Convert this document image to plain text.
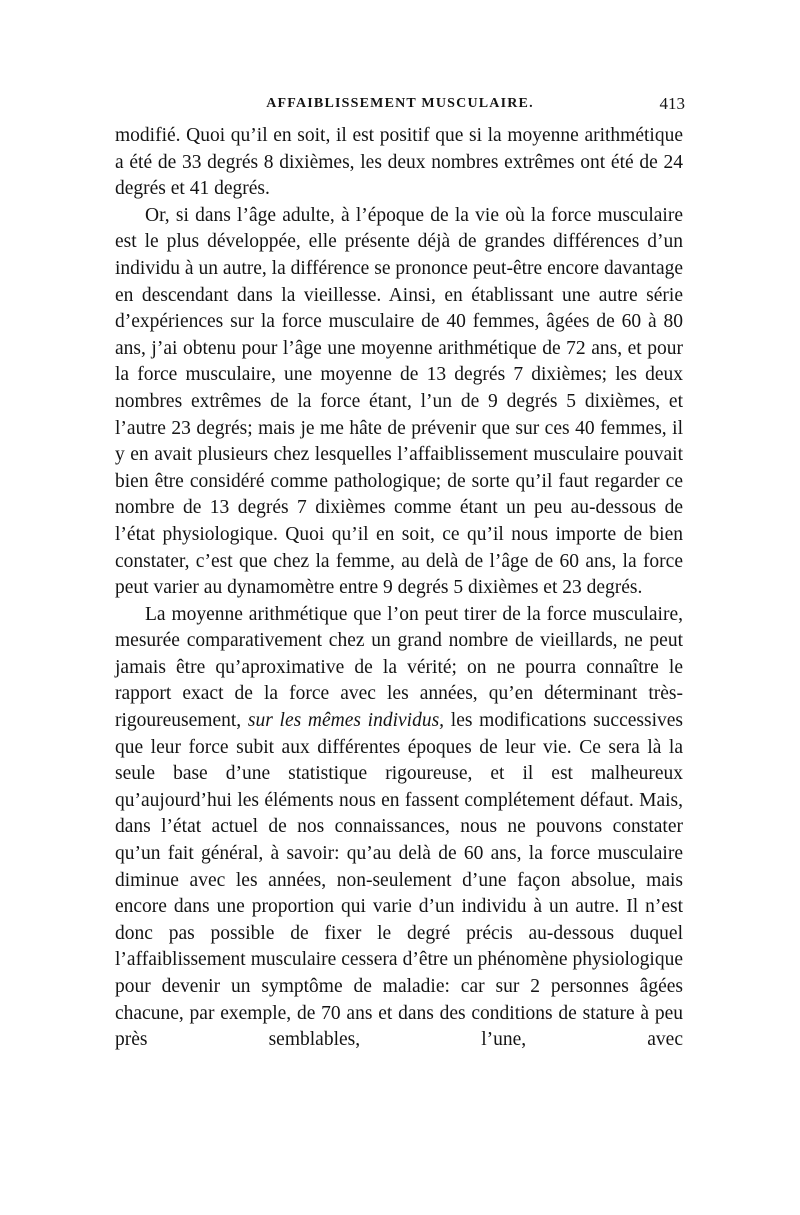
AFFAIBLISSEMENT MUSCULAIRE.	413

modifié. Quoi qu’il en soit, il est positif que si la moyenne arithmétique a été de 33 degrés 8 dixièmes, les deux nombres extrêmes ont été de 24 degrés et 41 degrés.

Or, si dans l’âge adulte, à l’époque de la vie où la force musculaire est le plus développée, elle présente déjà de grandes différences d’un individu à un autre, la différence se prononce peut-être encore davantage en descendant dans la vieillesse. Ainsi, en établissant une autre série d’expériences sur la force musculaire de 40 femmes, âgées de 60 à 80 ans, j’ai obtenu pour l’âge une moyenne arithmétique de 72 ans, et pour la force musculaire, une moyenne de 13 degrés 7 dixièmes; les deux nombres extrêmes de la force étant, l’un de 9 degrés 5 dixièmes, et l’autre 23 degrés; mais je me hâte de prévenir que sur ces 40 femmes, il y en avait plusieurs chez lesquelles l’affaiblissement musculaire pouvait bien être considéré comme pathologique; de sorte qu’il faut regarder ce nombre de 13 degrés 7 dixièmes comme étant un peu au-dessous de l’état physiologique. Quoi qu’il en soit, ce qu’il nous importe de bien constater, c’est que chez la femme, au delà de l’âge de 60 ans, la force peut varier au dynamomètre entre 9 degrés 5 dixièmes et 23 degrés.

La moyenne arithmétique que l’on peut tirer de la force musculaire, mesurée comparativement chez un grand nombre de vieillards, ne peut jamais être qu’aproximative de la vérité; on ne pourra connaître le rapport exact de la force avec les années, qu’en déterminant très-rigoureusement, sur les mêmes individus, les modifications successives que leur force subit aux différentes époques de leur vie. Ce sera là la seule base d’une statistique rigoureuse, et il est malheureux qu’aujourd’hui les éléments nous en fassent complétement défaut. Mais, dans l’état actuel de nos connaissances, nous ne pouvons constater qu’un fait général, à savoir: qu’au delà de 60 ans, la force musculaire diminue avec les années, non-seulement d’une façon absolue, mais encore dans une proportion qui varie d’un individu à un autre. Il n’est donc pas possible de fixer le degré précis au-dessous duquel l’affaiblissement musculaire cessera d’être un phénomène physiologique pour devenir un symptôme de maladie: car sur 2 personnes âgées chacune, par exemple, de 70 ans et dans des conditions de stature à peu près semblables, l’une, avec
